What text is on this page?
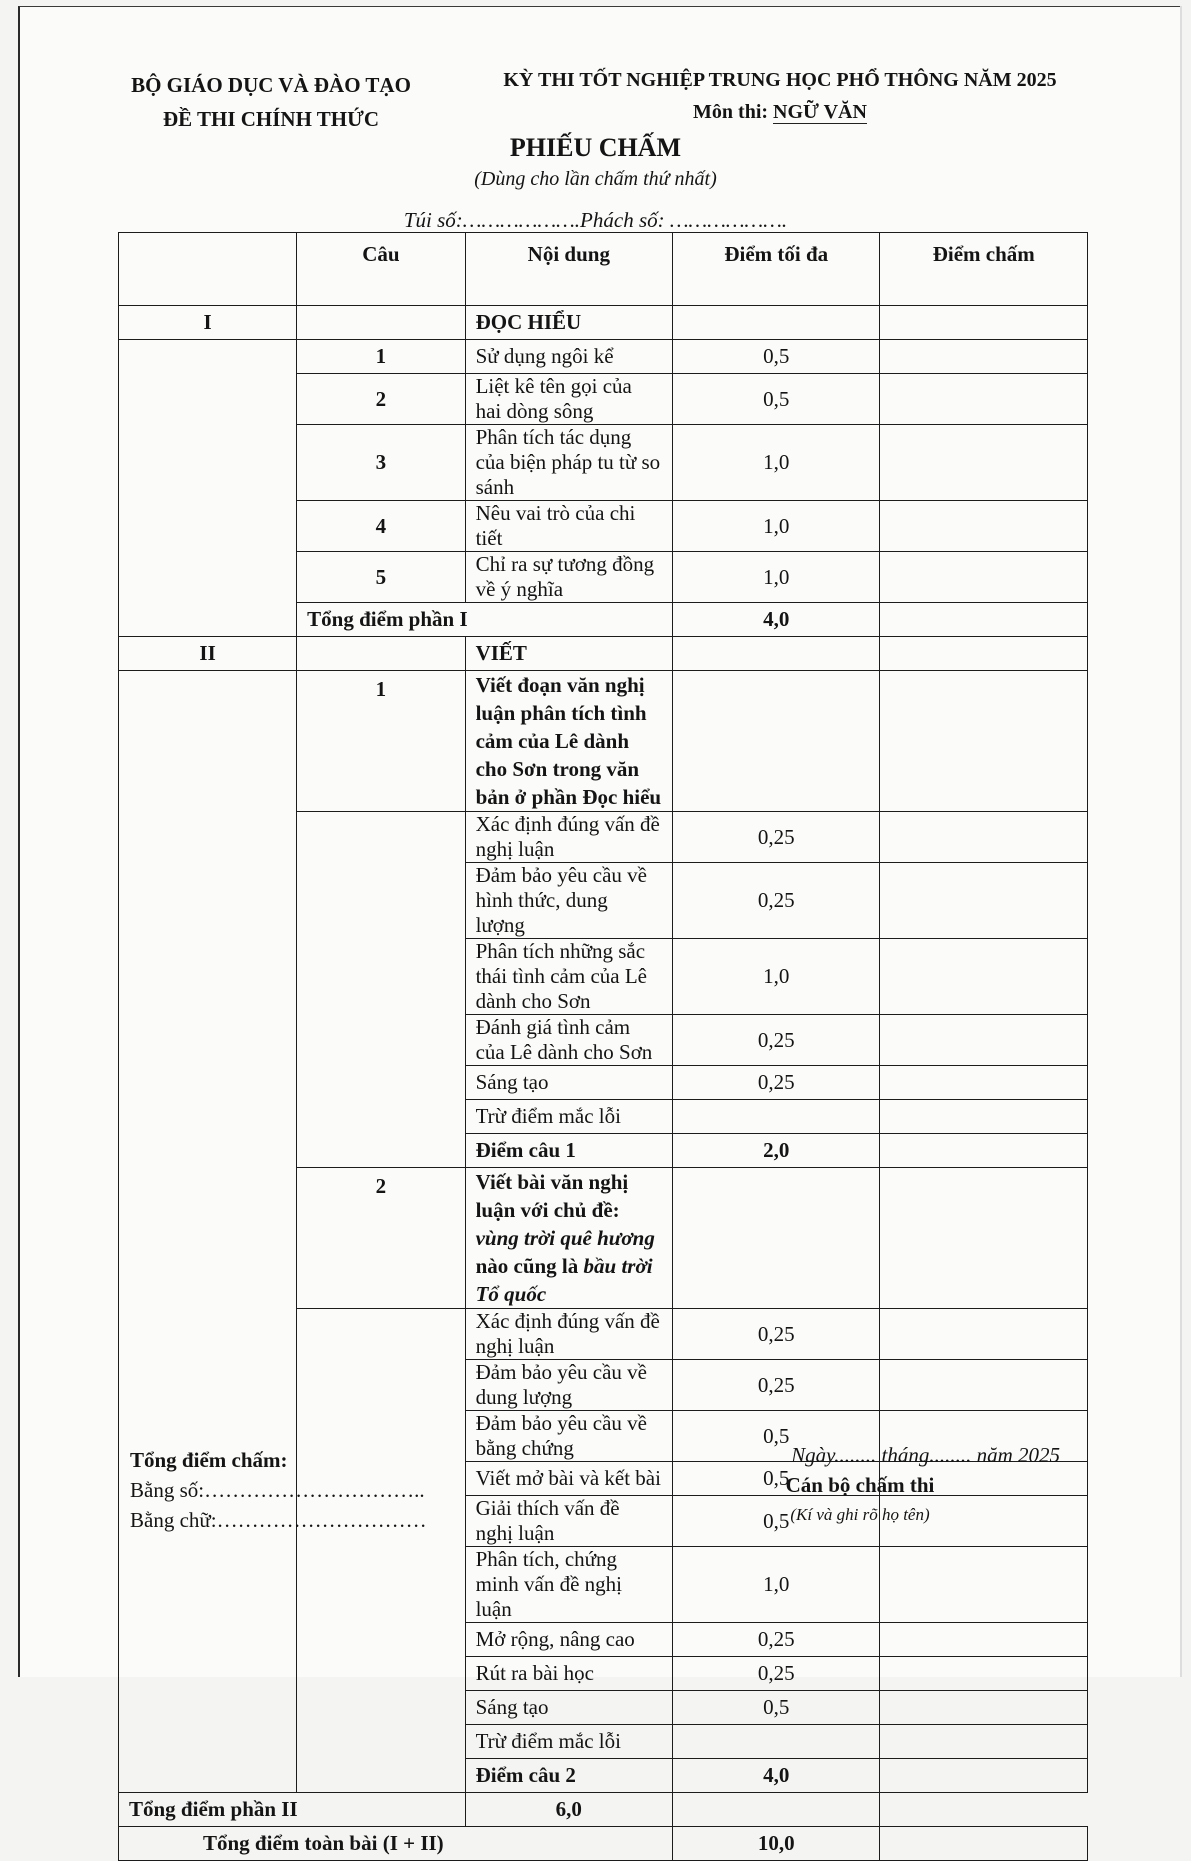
BỘ GIÁO DỤC VÀ ĐÀO TẠO
ĐỀ THI CHÍNH THỨC
KỲ THI TỐT NGHIỆP TRUNG HỌC PHỔ THÔNG NĂM 2025
Môn thi: NGỮ VĂN
PHIẾU CHẤM
(Dùng cho lần chấm thứ nhất)
Túi số:……………….Phách số: ……………….
	Câu	Nội dung	Điểm tối đa	Điểm chấm
I		ĐỌC HIỂU		
	1	Sử dụng ngôi kể	0,5	
	2	Liệt kê tên gọi của hai dòng sông	0,5	
	3	Phân tích tác dụng của biện pháp tu từ so sánh	1,0	
	4	Nêu vai trò của chi tiết	1,0	
	5	Chỉ ra sự tương đồng về ý nghĩa	1,0	
	Tổng điểm phần I		4,0	
II		VIẾT		
	1	Viết đoạn văn nghị luận phân tích tình cảm của Lê dành cho Sơn trong văn bản ở phần Đọc hiểu		
		Xác định đúng vấn đề nghị luận	0,25	
		Đảm bảo yêu cầu về hình thức, dung lượng	0,25	
		Phân tích những sắc thái tình cảm của Lê dành cho Sơn	1,0	
		Đánh giá tình cảm của Lê dành cho Sơn	0,25	
		Sáng tạo	0,25	
		Trừ điểm mắc lỗi		
		Điểm câu 1	2,0	
	2	Viết bài văn nghị luận với chủ đề: vùng trời quê hương nào cũng là bầu trời Tổ quốc		
		Xác định đúng vấn đề nghị luận	0,25	
		Đảm bảo yêu cầu về dung lượng	0,25	
		Đảm bảo yêu cầu về bằng chứng	0,5	
		Viết mở bài và kết bài	0,5	
		Giải thích vấn đề nghị luận	0,5	
		Phân tích, chứng minh vấn đề nghị luận	1,0	
		Mở rộng, nâng cao	0,25	
		Rút ra bài học	0,25	
		Sáng tạo	0,5	
		Trừ điểm mắc lỗi		
		Điểm câu 2	4,0	
Tổng điểm phần II		6,0		
Tổng điểm toàn bài (I + II)			10,0	
Tổng điểm chấm:
Bằng số:…………………………..
Bằng chữ:…………………………
Ngày........ tháng........ năm 2025
Cán bộ chấm thi
(Kí và ghi rõ họ tên)
